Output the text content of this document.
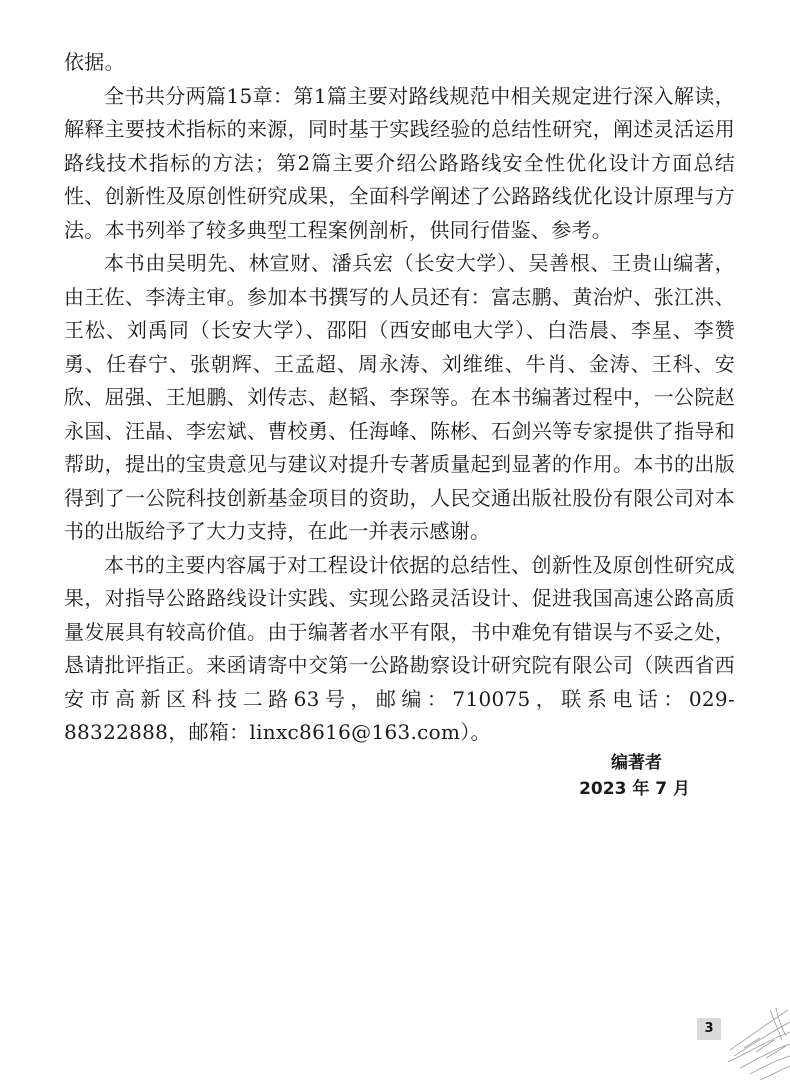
依据。

全书共分两篇15章：第1篇主要对路线规范中相关规定进行深入解读，解释主要技术指标的来源，同时基于实践经验的总结性研究，阐述灵活运用路线技术指标的方法；第2篇主要介绍公路路线安全性优化设计方面总结性、创新性及原创性研究成果，全面科学阐述了公路路线优化设计原理与方法。本书列举了较多典型工程案例剖析，供同行借鉴、参考。

本书由吴明先、林宣财、潘兵宏（长安大学）、吴善根、王贵山编著，由王佐、李涛主审。参加本书撰写的人员还有：富志鹏、黄治炉、张江洪、王松、刘禹同（长安大学）、邵阳（西安邮电大学）、白浩晨、李星、李赞勇、任春宁、张朝辉、王孟超、周永涛、刘维维、牛肖、金涛、王科、安欣、屈强、王旭鹏、刘传志、赵韬、李琛等。在本书编著过程中，一公院赵永国、汪晶、李宏斌、曹校勇、任海峰、陈彬、石剑兴等专家提供了指导和帮助，提出的宝贵意见与建议对提升专著质量起到显著的作用。本书的出版得到了一公院科技创新基金项目的资助，人民交通出版社股份有限公司对本书的出版给予了大力支持，在此一并表示感谢。

本书的主要内容属于对工程设计依据的总结性、创新性及原创性研究成果，对指导公路路线设计实践、实现公路灵活设计、促进我国高速公路高质量发展具有较高价值。由于编著者水平有限，书中难免有错误与不妥之处，恳请批评指正。来函请寄中交第一公路勘察设计研究院有限公司（陕西省西安市高新区科技二路63号，邮编：710075，联系电话：029-88322888，邮箱：linxc8616@163.com）。

编著者
2023 年 7 月
3
